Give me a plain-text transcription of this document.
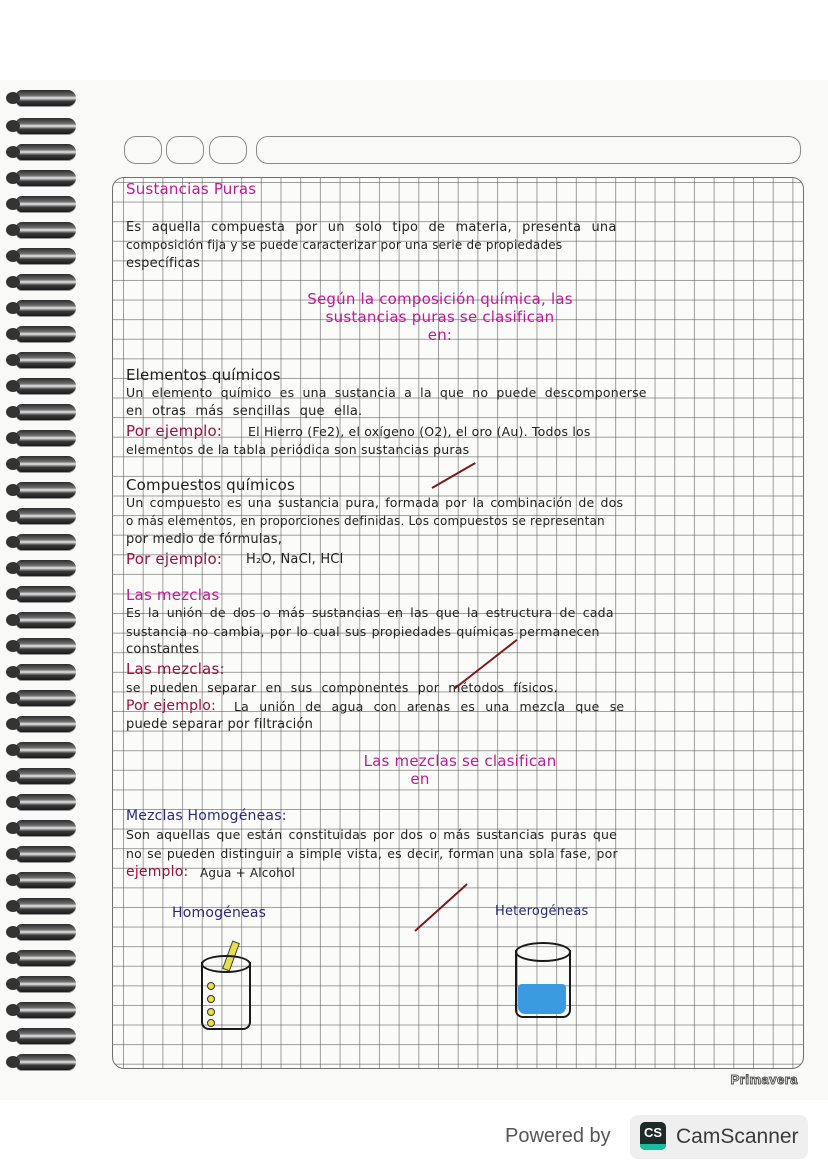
Sustancias Puras
Es aquella compuesta por un solo tipo de materia, presenta una
composición fija y se puede caracterizar por una serie de propiedades
específicas
Según la composición química, las
sustancias puras se clasifican
en:
Elementos químicos
Un elemento químico es una sustancia a la que no puede descomponerse
en otras más sencillas que ella.
Por ejemplo: El Hierro (Fe2), el oxígeno (O2), el oro (Au). Todos los
elementos de la tabla periódica son sustancias puras
Compuestos químicos
Un compuesto es una sustancia pura, formada por la combinación de dos
o más elementos, en proporciones definidas. Los compuestos se representan
por medio de fórmulas,
Por ejemplo: H₂O, NaCl, HCl
Las mezclas
Es la unión de dos o más sustancias en las que la estructura de cada
sustancia no cambia, por lo cual sus propiedades químicas permanecen
constantes
Las mezclas:
se pueden separar en sus componentes por métodos físicos.
Por ejemplo: La unión de agua con arenas es una mezcla que se
puede separar por filtración
Las mezclas se clasifican
en
Mezclas Homogéneas:
Son aquellas que están constituidas por dos o más sustancias puras que
no se pueden distinguir a simple vista, es decir, forman una sola fase, por
ejemplo: Agua + Alcohol
Homogéneas	Heterogéneas
Primavera
Powered by	CS CamScanner
